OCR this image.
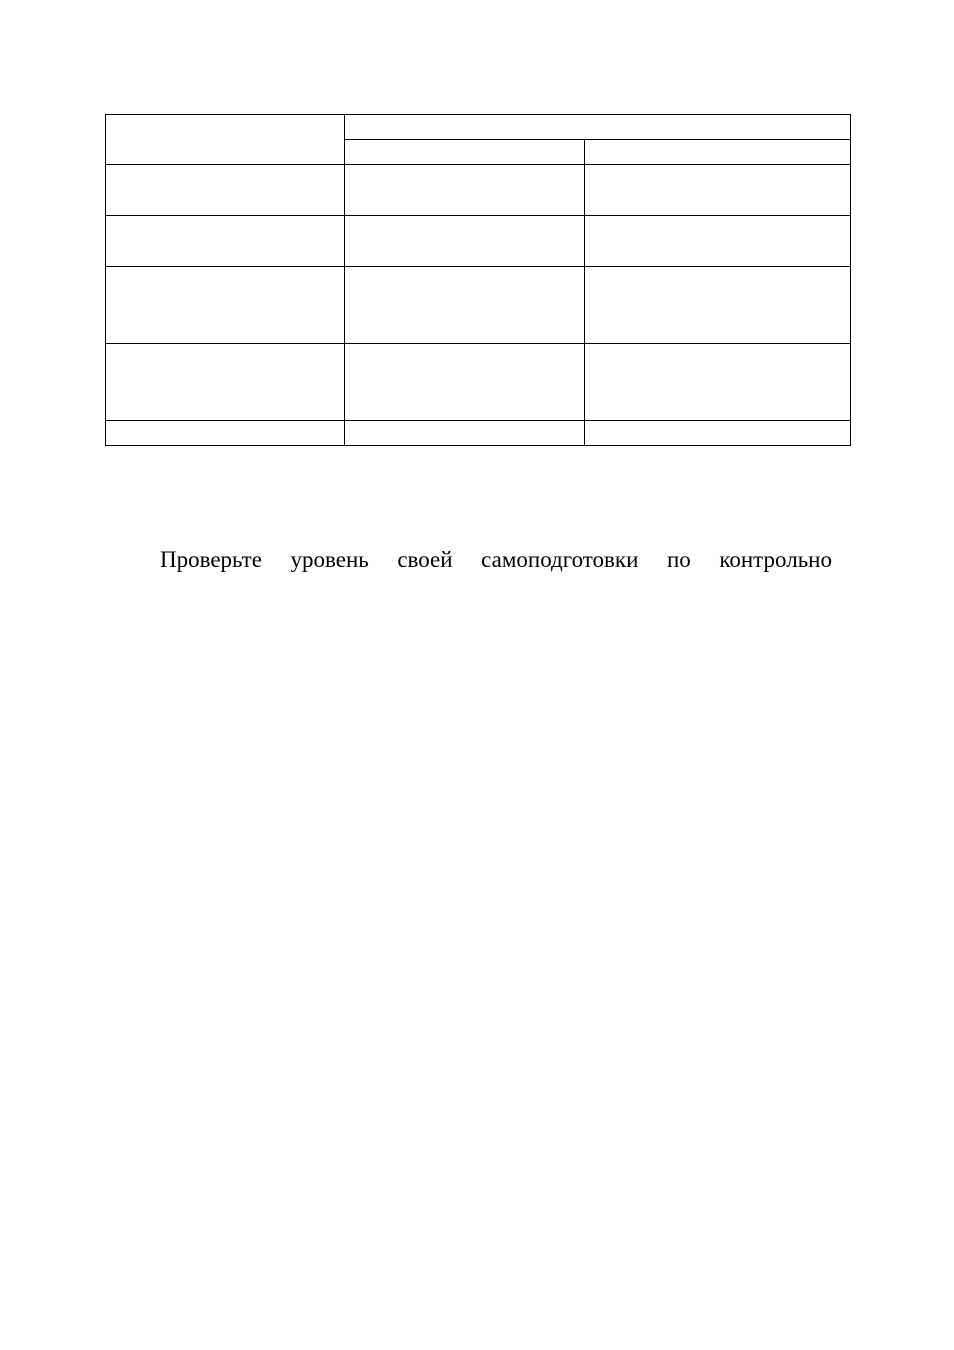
Проверьте уровень своей самоподготовки по контрольно
